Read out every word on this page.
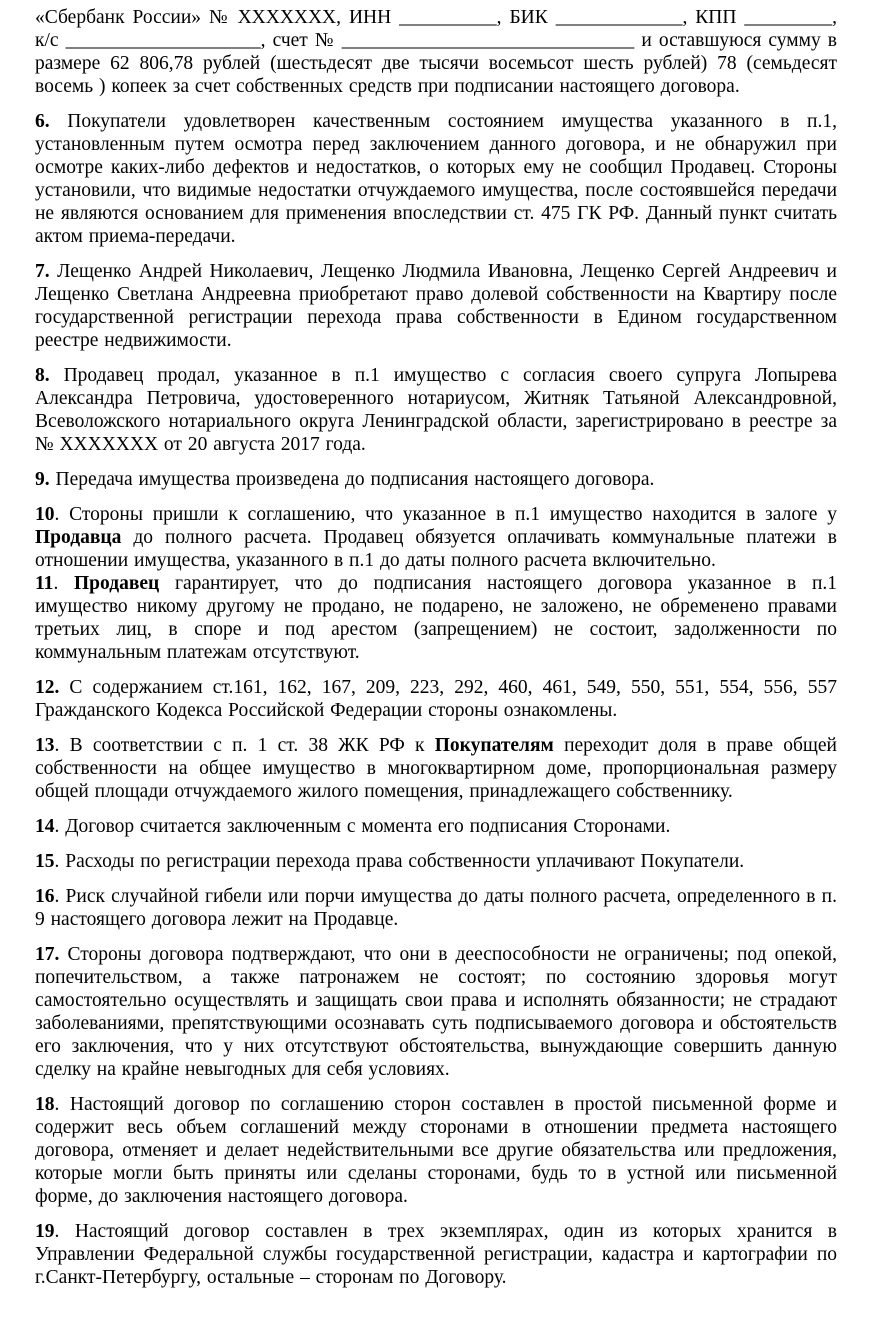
«Сбербанк России» № XXXXXXX, ИНН __________, БИК _____________, КПП _________, к/с ____________________, счет № ______________________________ и оставшуюся сумму в размере 62 806,78 рублей (шестьдесят две тысячи восемьсот шесть рублей) 78 (семьдесят восемь ) копеек за счет собственных средств при подписании настоящего договора.

6. Покупатели удовлетворен качественным состоянием имущества указанного в п.1, установленным путем осмотра перед заключением данного договора, и не обнаружил при осмотре каких-либо дефектов и недостатков, о которых ему не сообщил Продавец. Стороны установили, что видимые недостатки отчуждаемого имущества, после состоявшейся передачи не являются основанием для применения впоследствии ст. 475 ГК РФ. Данный пункт считать актом приема-передачи.

7. Лещенко Андрей Николаевич, Лещенко Людмила Ивановна, Лещенко Сергей Андреевич и Лещенко Светлана Андреевна приобретают право долевой собственности на Квартиру после государственной регистрации перехода права собственности в Едином государственном реестре недвижимости.

8. Продавец продал, указанное в п.1 имущество с согласия своего супруга Лопырева Александра Петровича, удостоверенного нотариусом, Житняк Татьяной Александровной, Всеволожского нотариального округа Ленинградской области, зарегистрировано в реестре за № XXXXXXX от 20 августа 2017 года.

9. Передача имущества произведена до подписания настоящего договора.

10. Стороны пришли к соглашению, что указанное в п.1 имущество находится в залоге у Продавца до полного расчета. Продавец обязуется оплачивать коммунальные платежи в отношении имущества, указанного в п.1 до даты полного расчета включительно.

11. Продавец гарантирует, что до подписания настоящего договора указанное в п.1 имущество никому другому не продано, не подарено, не заложено, не обременено правами третьих лиц, в споре и под арестом (запрещением) не состоит, задолженности по коммунальным платежам отсутствуют.

12. С содержанием ст.161, 162, 167, 209, 223, 292, 460, 461, 549, 550, 551, 554, 556, 557 Гражданского Кодекса Российской Федерации стороны ознакомлены.

13. В соответствии с п. 1 ст. 38 ЖК РФ к Покупателям переходит доля в праве общей собственности на общее имущество в многоквартирном доме, пропорциональная размеру общей площади отчуждаемого жилого помещения, принадлежащего собственнику.

14. Договор считается заключенным с момента его подписания Сторонами.

15. Расходы по регистрации перехода права собственности уплачивают Покупатели.

16. Риск случайной гибели или порчи имущества до даты полного расчета, определенного в п. 9 настоящего договора лежит на Продавце.

17. Стороны договора подтверждают, что они в дееспособности не ограничены; под опекой, попечительством, а также патронажем не состоят; по состоянию здоровья могут самостоятельно осуществлять и защищать свои права и исполнять обязанности; не страдают заболеваниями, препятствующими осознавать суть подписываемого договора и обстоятельств его заключения, что у них отсутствуют обстоятельства, вынуждающие совершить данную сделку на крайне невыгодных для себя условиях.

18. Настоящий договор по соглашению сторон составлен в простой письменной форме и содержит весь объем соглашений между сторонами в отношении предмета настоящего договора, отменяет и делает недействительными все другие обязательства или предложения, которые могли быть приняты или сделаны сторонами, будь то в устной или письменной форме, до заключения настоящего договора.

19. Настоящий договор составлен в трех экземплярах, один из которых хранится в Управлении Федеральной службы государственной регистрации, кадастра и картографии по г.Санкт-Петербургу, остальные – сторонам по Договору.
